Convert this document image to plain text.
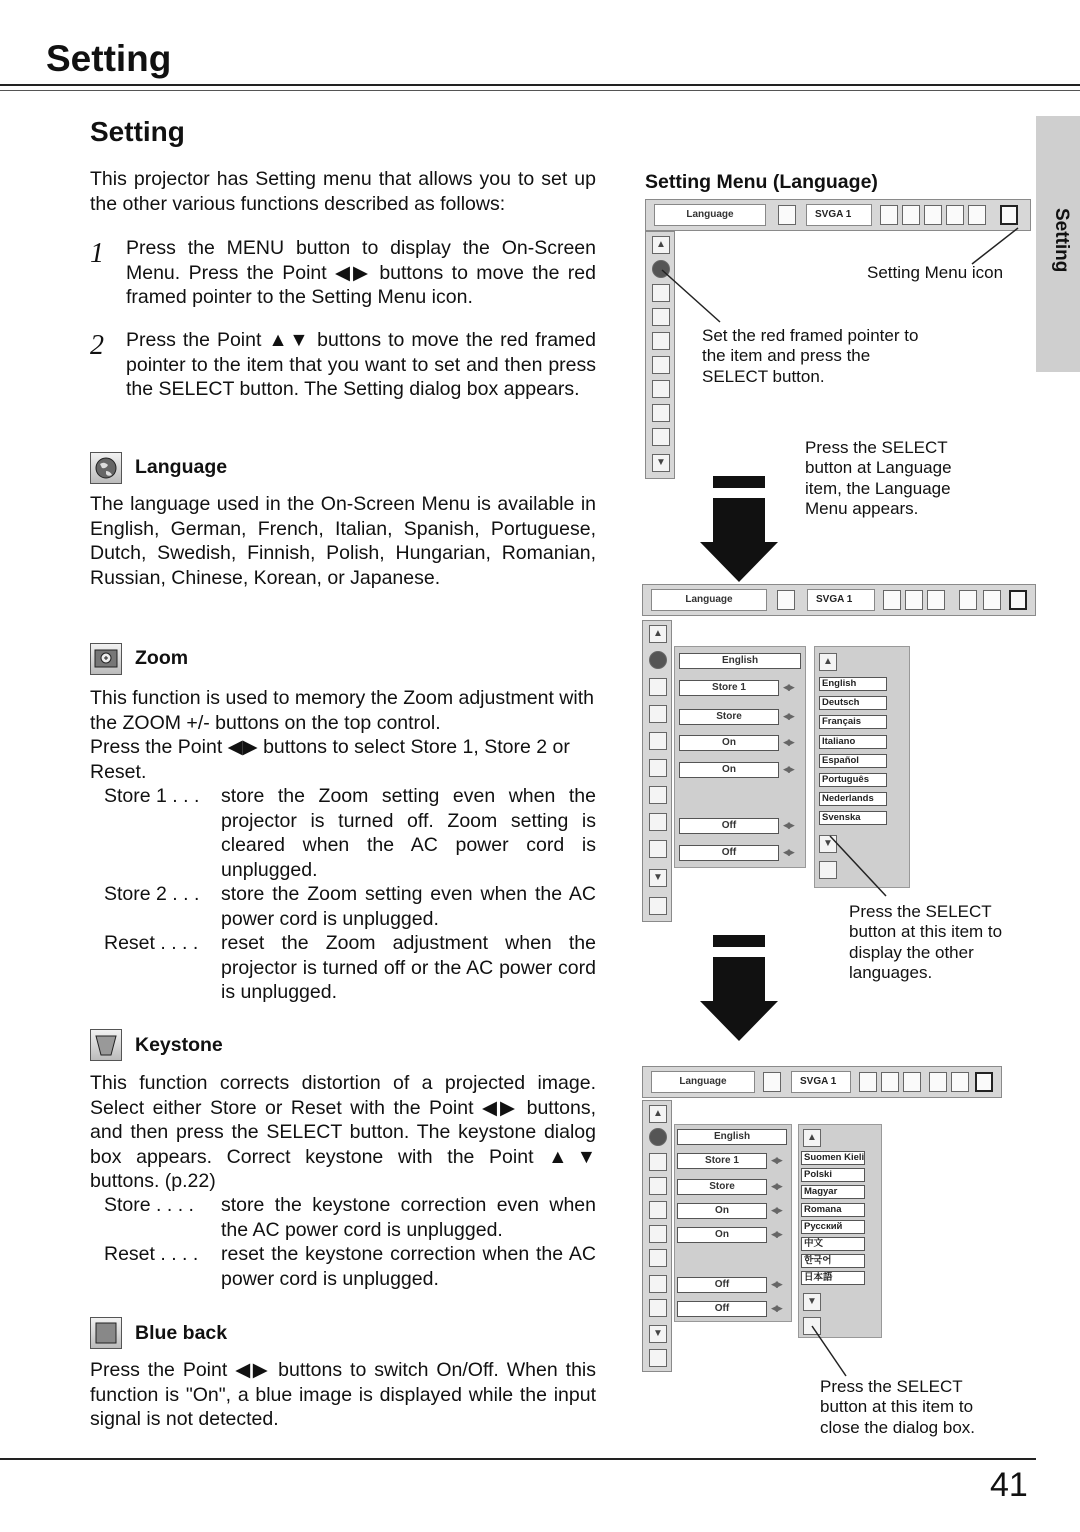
Setting
Setting
Setting
This projector has Setting menu that allows you to set up the other various functions described as follows:
1 Press the MENU button to display the On-Screen Menu. Press the Point ◀▶ buttons to move the red framed pointer to the Setting Menu icon.
2 Press the Point ▲▼ buttons to move the red framed pointer to the item that you want to set and then press the SELECT button. The Setting dialog box appears.
Language
The language used in the On-Screen Menu is available in English, German, French, Italian, Spanish, Portuguese, Dutch, Swedish, Finnish, Polish, Hungarian, Romanian, Russian, Chinese, Korean, or Japanese.
Zoom
This function is used to memory the Zoom adjustment with the ZOOM +/- buttons on the top control.
Press the Point ◀▶ buttons to select Store 1, Store 2 or Reset.
Store 1 . . . store the Zoom setting even when the projector is turned off. Zoom setting is cleared when the AC power cord is unplugged.
Store 2 . . . store the Zoom setting even when the AC power cord is unplugged.
Reset . . . . reset the Zoom adjustment when the projector is turned off or the AC power cord is unplugged.
Keystone
This function corrects distortion of a projected image. Select either Store or Reset with the Point ◀▶ buttons, and then press the SELECT button. The keystone dialog box appears. Correct keystone with the Point ▲▼ buttons. (p.22)
Store . . . . store the keystone correction even when the AC power cord is unplugged.
Reset . . . . reset the keystone correction when the AC power cord is unplugged.
Blue back
Press the Point ◀▶ buttons to switch On/Off. When this function is "On", a blue image is displayed while the input signal is not detected.
Setting Menu (Language)
Language	SVGA 1
▲
▼
Setting Menu icon
Set the red framed pointer to the item and press the SELECT button.
Press the SELECT button at Language item, the Language Menu appears.
Language	SVGA 1
▲
▼
English
Store 1	◀▶
Store	◀▶
On	◀▶
On	◀▶
Off	◀▶
Off	◀▶
▲
English
Deutsch
Français
Italiano
Español
Português
Nederlands
Svenska
▼
Press the SELECT button at this item to display the other languages.
Language	SVGA 1
▲
▼
English
Store 1	◀▶
Store	◀▶
On	◀▶
On	◀▶
Off	◀▶
Off	◀▶
▲
Suomen Kieli
Polski
Magyar
Romana
Русский
中文
한국어
日本語
▼
Press the SELECT button at this item to close the dialog box.
41
